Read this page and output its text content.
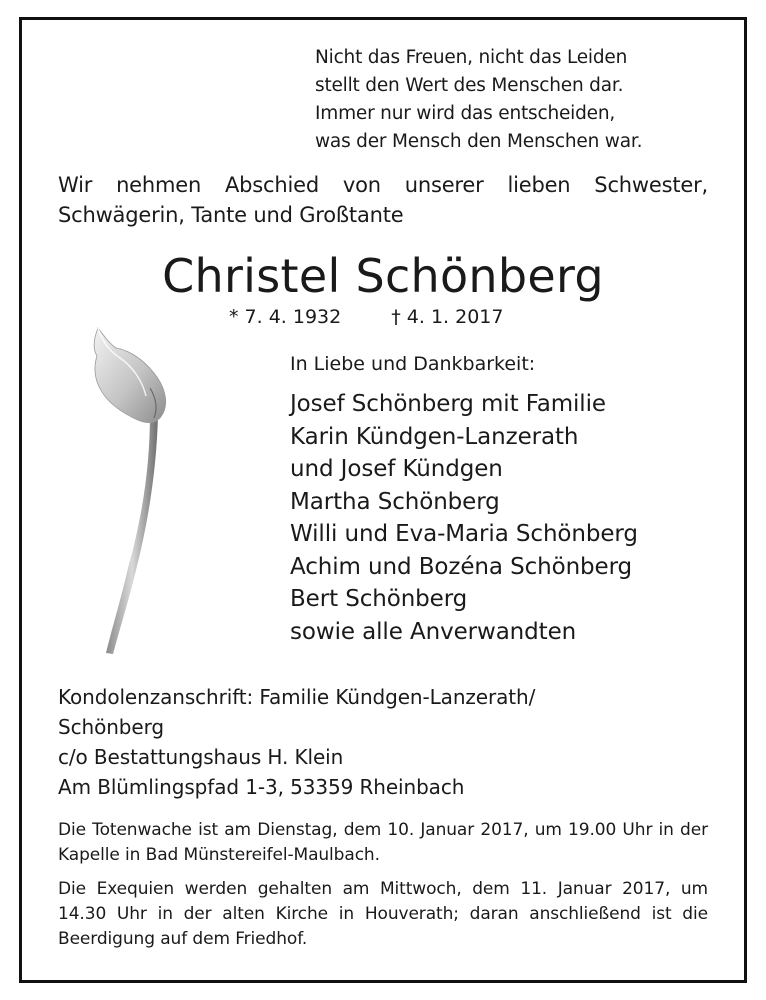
Nicht das Freuen, nicht das Leiden
stellt den Wert des Menschen dar.
Immer nur wird das entscheiden,
was der Mensch den Menschen war.
Wir nehmen Abschied von unserer lieben Schwester,
Schwägerin, Tante und Großtante
Christel Schönberg
* 7. 4. 1932	† 4. 1. 2017
In Liebe und Dankbarkeit:
Josef Schönberg mit Familie
Karin Kündgen-Lanzerath
und Josef Kündgen
Martha Schönberg
Willi und Eva-Maria Schönberg
Achim und Bozéna Schönberg
Bert Schönberg
sowie alle Anverwandten
Kondolenzanschrift: Familie Kündgen-Lanzerath/
Schönberg
c/o Bestattungshaus H. Klein
Am Blümlingspfad 1-3, 53359 Rheinbach
Die Totenwache ist am Dienstag, dem 10. Januar 2017, um 19.00 Uhr in der Kapelle in Bad Münstereifel-Maulbach.
Die Exequien werden gehalten am Mittwoch, dem 11. Januar 2017, um 14.30 Uhr in der alten Kirche in Houverath; daran anschließend ist die Beerdigung auf dem Friedhof.
